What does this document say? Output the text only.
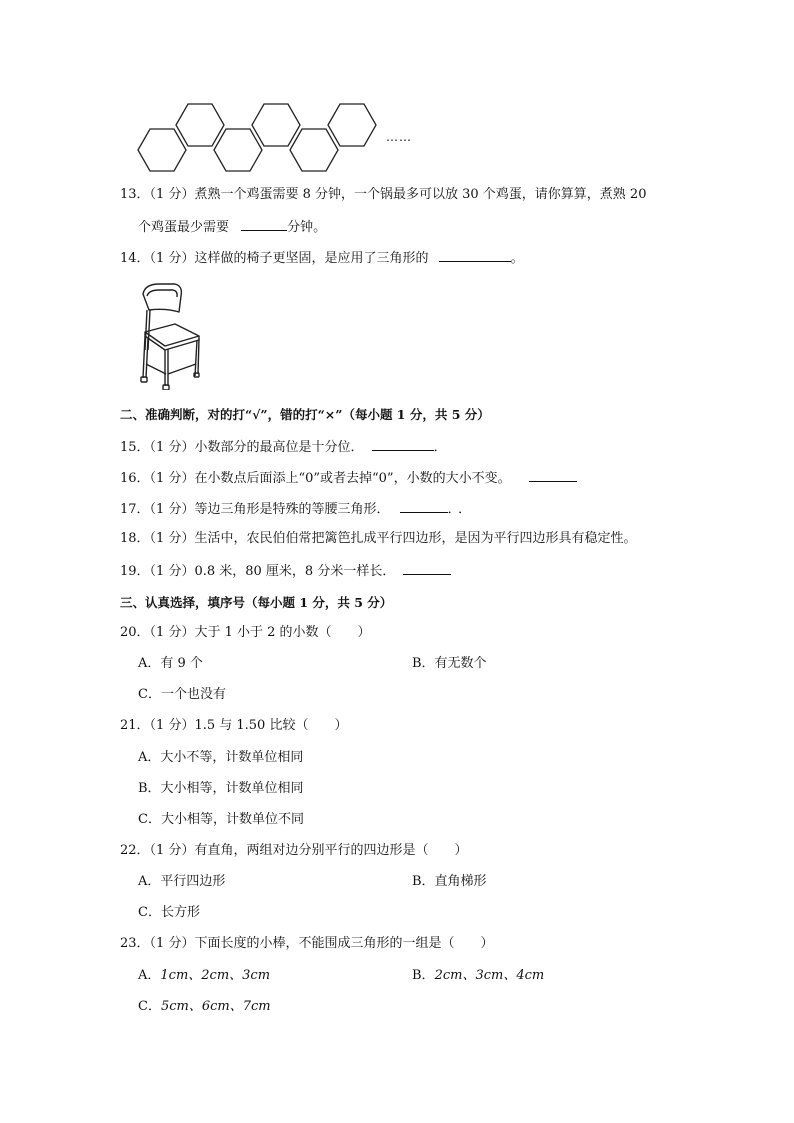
……
13．（1 分）煮熟一个鸡蛋需要 8 分钟，一个锅最多可以放 30 个鸡蛋，请你算算，煮熟 20
个鸡蛋最少需要	分钟。
14．（1 分）这样做的椅子更坚固，是应用了三角形的	。
二、准确判断，对的打“√”，错的打“×”（每小题 1 分，共 5 分）
15．（1 分）小数部分的最高位是十分位．	．
16．（1 分）在小数点后面添上“0”或者去掉“0”，小数的大小不变。
17．（1 分）等边三角形是特殊的等腰三角形．	．．
18．（1 分）生活中，农民伯伯常把篱笆扎成平行四边形，是因为平行四边形具有稳定性。
19．（1 分）0.8 米，80 厘米，8 分米一样长．
三、认真选择，填序号（每小题 1 分，共 5 分）
20．（1 分）大于 1 小于 2 的小数（　　）
A．有 9 个	B．有无数个
C．一个也没有
21．（1 分）1.5 与 1.50 比较（　　）
A．大小不等，计数单位相同
B．大小相等，计数单位相同
C．大小相等，计数单位不同
22．（1 分）有直角，两组对边分别平行的四边形是（　　）
A．平行四边形	B．直角梯形
C．长方形
23．（1 分）下面长度的小棒，不能围成三角形的一组是（　　）
A．1cm、2cm、3cm	B．2cm、3cm、4cm
C．5cm、6cm、7cm
